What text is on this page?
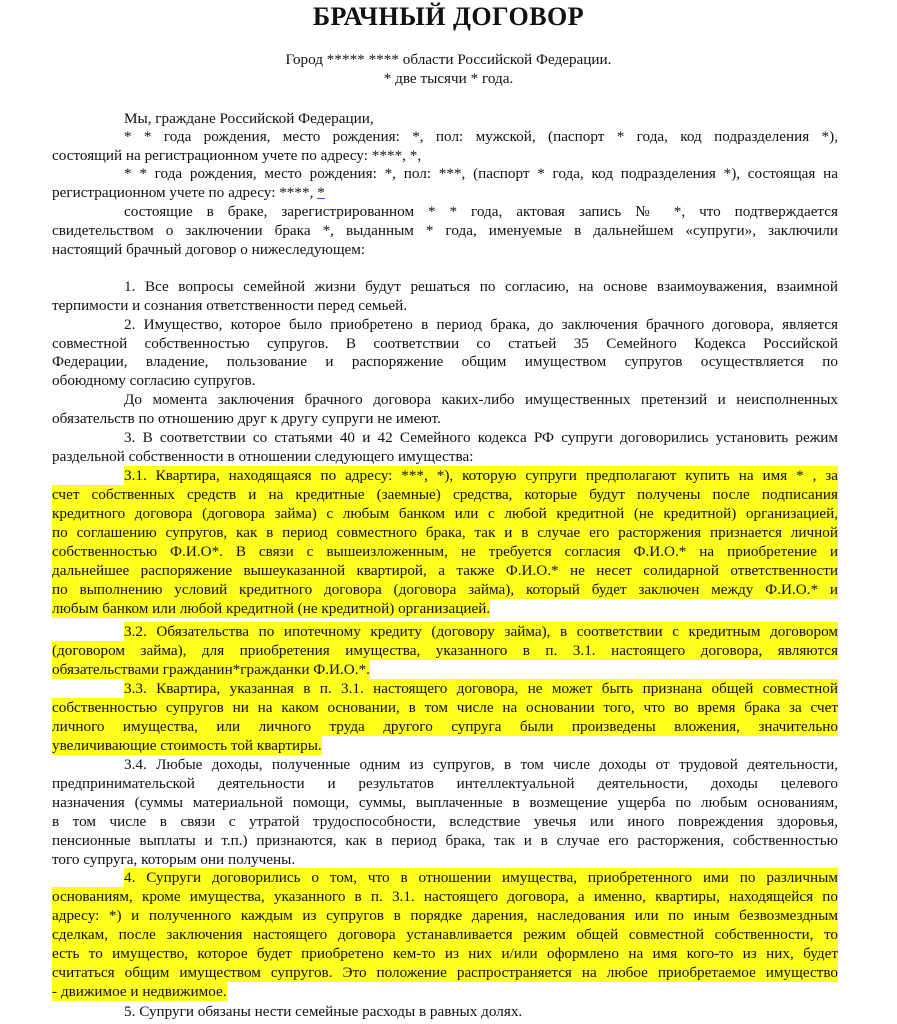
БРАЧНЫЙ ДОГОВОР
Город ***** **** области Российской Федерации.
* две тысячи * года.
Мы, граждане Российской Федерации,
* * года рождения, место рождения: *, пол: мужской, (паспорт * года, код подразделения *),
состоящий на регистрационном учете по адресу: ****, *,
* * года рождения, место рождения: *, пол: ***, (паспорт * года, код подразделения *), состоящая на
регистрационном учете по адресу: ****, *
состоящие в браке, зарегистрированном * * года, актовая запись № *, что подтверждается
свидетельством о заключении брака *, выданным * года, именуемые в дальнейшем «супруги», заключили
настоящий брачный договор о нижеследующем:
1. Все вопросы семейной жизни будут решаться по согласию, на основе взаимоуважения, взаимной
терпимости и сознания ответственности перед семьей.
2. Имущество, которое было приобретено в период брака, до заключения брачного договора, является
совместной собственностью супругов. В соответствии со статьей 35 Семейного Кодекса Российской
Федерации, владение, пользование и распоряжение общим имуществом супругов осуществляется по
обоюдному согласию супругов.
До момента заключения брачного договора каких-либо имущественных претензий и неисполненных
обязательств по отношению друг к другу супруги не имеют.
3. В соответствии со статьями 40 и 42 Семейного кодекса РФ супруги договорились установить режим
раздельной собственности в отношении следующего имущества:
3.1. Квартира, находящаяся по адресу: ***, *), которую супруги предполагают купить на имя * , за
счет собственных средств и на кредитные (заемные) средства, которые будут получены после подписания
кредитного договора (договора займа) с любым банком или с любой кредитной (не кредитной) организацией,
по соглашению супругов, как в период совместного брака, так и в случае его расторжения признается личной
собственностью Ф.И.О*. В связи с вышеизложенным, не требуется согласия Ф.И.О.* на приобретение и
дальнейшее распоряжение вышеуказанной квартирой, а также Ф.И.О.* не несет солидарной ответственности
по выполнению условий кредитного договора (договора займа), который будет заключен между Ф.И.О.* и
любым банком или любой кредитной (не кредитной) организацией.
3.2. Обязательства по ипотечному кредиту (договору займа), в соответствии с кредитным договором
(договором займа), для приобретения имущества, указанного в п. 3.1. настоящего договора, являются
обязательствами гражданин*гражданки Ф.И.О.*.
3.3. Квартира, указанная в п. 3.1. настоящего договора, не может быть признана общей совместной
собственностью супругов ни на каком основании, в том числе на основании того, что во время брака за счет
личного имущества, или личного труда другого супруга были произведены вложения, значительно
увеличивающие стоимость той квартиры.
3.4. Любые доходы, полученные одним из супругов, в том числе доходы от трудовой деятельности,
предпринимательской деятельности и результатов интеллектуальной деятельности, доходы целевого
назначения (суммы материальной помощи, суммы, выплаченные в возмещение ущерба по любым основаниям,
в том числе в связи с утратой трудоспособности, вследствие увечья или иного повреждения здоровья,
пенсионные выплаты и т.п.) признаются, как в период брака, так и в случае его расторжения, собственностью
того супруга, которым они получены.
4. Супруги договорились о том, что в отношении имущества, приобретенного ими по различным
основаниям, кроме имущества, указанного в п. 3.1. настоящего договора, а именно, квартиры, находящейся по
адресу: *) и полученного каждым из супругов в порядке дарения, наследования или по иным безвозмездным
сделкам, после заключения настоящего договора устанавливается режим общей совместной собственности, то
есть то имущество, которое будет приобретено кем-то из них и/или оформлено на имя кого-то из них, будет
считаться общим имуществом супругов. Это положение распространяется на любое приобретаемое имущество
- движимое и недвижимое.
5. Супруги обязаны нести семейные расходы в равных долях.
